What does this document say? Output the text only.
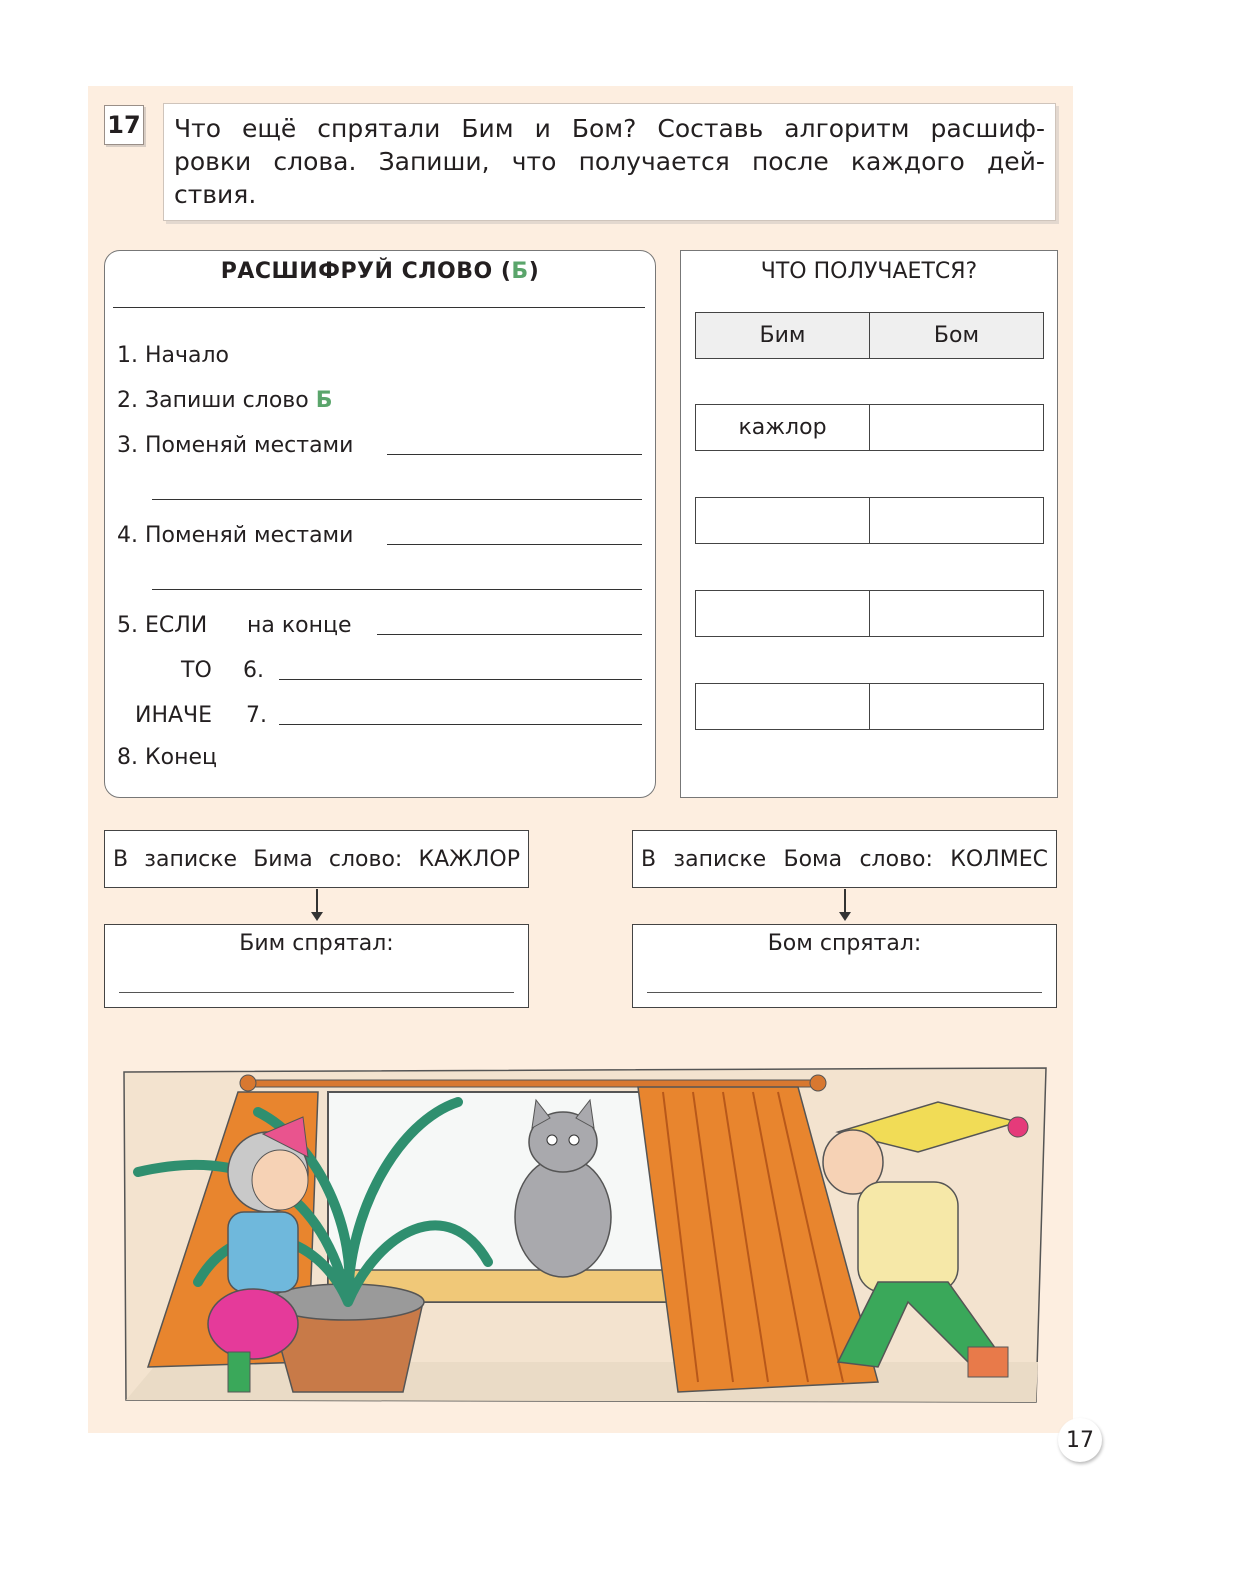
17 Что ещё спрятали Бим и Бом? Составь алгоритм расшиф-
ровки слова. Запиши, что получается после каждого дей-
ствия.
РАСШИФРУЙ СЛОВО (Б)
1. Начало
2. Запиши слово Б
3. Поменяй местами
4. Поменяй местами
5. ЕСЛИ на конце
ТО 6.
ИНАЧЕ 7.
8. Конец
ЧТО ПОЛУЧАЕТСЯ?
Бим	Бом
кажлор
В записке Бима слово: КАЖЛОР	В записке Бома слово: КОЛМЕС
Бим спрятал:	Бом спрятал:
17
